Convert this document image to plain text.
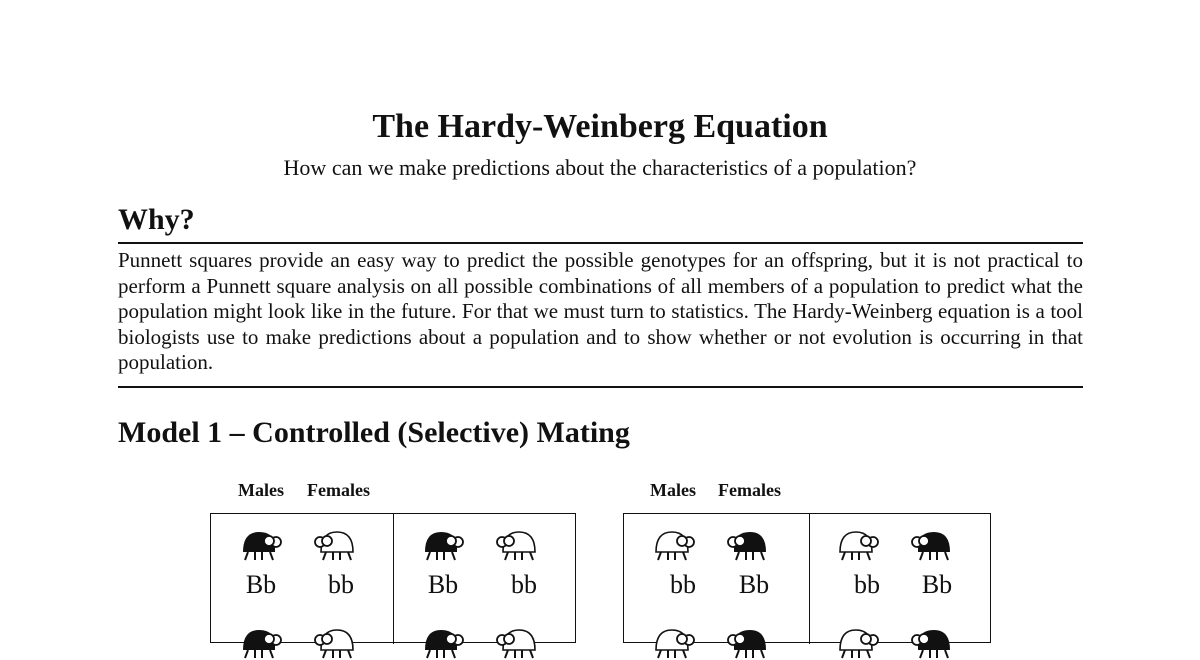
The Hardy-Weinberg Equation

How can we make predictions about the characteristics of a population?

Why?

Punnett squares provide an easy way to predict the possible genotypes for an offspring, but it is not practical to perform a Punnett square analysis on all possible combinations of all members of a population to predict what the population might look like in the future. For that we must turn to statistics. The Hardy-Weinberg equation is a tool biologists use to make predictions about a population and to show whether or not evolution is occurring in that population.

Model 1 – Controlled (Selective) Mating
Males Females
Bb	bb	Bb	bb
Males Females
bb	Bb	bb	Bb
